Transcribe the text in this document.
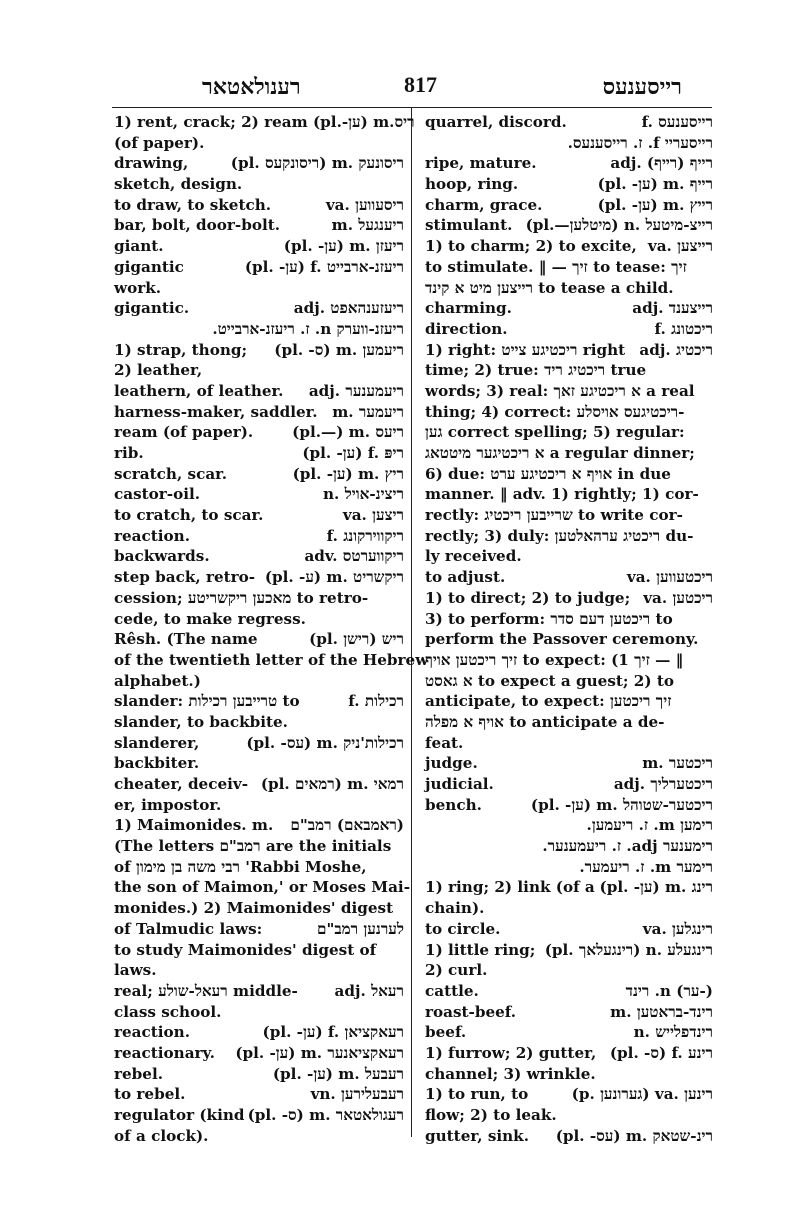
רענולאטאר	817	רייסענעס
1) rent, crack; 2) ream (pl.-ען) m. ריס
(of paper).
drawing,	(pl. ריסונקעס) m. ריסונעק
sketch, design.
to draw, to sketch.	va. ריסעווען
bar, bolt, door-bolt.	m. ריענגעל
giant.	(pl. -ען) m. ריעזן
gigantic	(pl. -ען) f. ריעזנ-ארבייט
work.
gigantic.	adj. ריעזענהאפט
ריעזנ-ווערק n. ז. ריעזנ-ארבייט.
1) strap, thong; (pl. -ס) m. ריעמען
2) leather,
leathern, of leather. adj. ריעמענער
harness-maker, saddler. m. ריעמער
ream (of paper).	(pl.—) m. ריעס
rib.	(pl. -ען) f. ריפּ
scratch, scar.	(pl. -ען) m. ריץ
castor-oil.	n. ריצינ-אויל
to cratch, to scar.	va. ריצען
reaction.	f. ריקווירקונג
backwards.	adv. ריקווערטס
step back, retro- (pl. -ע) m. ריקשריט
cession; מאכען ריקשריטע to retro-
cede, to make regress.
Rêsh. (The name	(pl. רישן) ריש
of the twentieth letter of the Hebrew
alphabet.)
slander: טרייבען רכילות to	f. רכילות
slander, to backbite.
slanderer,	(pl. -עס) m. רכילות'ניק
backbiter.
cheater, deceiv- (pl. רמאים) m. רמאי
er, impostor.
1) Maimonides. m. (ראמבאם) רמב"ם
(The letters רמב"ם are the initials
of רבי משה בן מימון 'Rabbi Moshe,
the son of Maimon,' or Moses Mai-
monides.) 2) Maimonides' digest
of Talmudic laws:	לערנען רמב"ם
to study Maimonides' digest of
laws.
real; רעאל-שולע middle- adj. רעאל
class school.
reaction.	(pl. -ען) f. רעאקציאן
reactionary. (pl. -ען) m. רעאקציאנער
rebel.	(pl. -ען) m. רעבעל
to rebel.	vn. רעבעלירען
regulator (kind (pl. -ס) m. רעגולאטאר
of a clock).
quarrel, discord.	f. רייסענעס
רייסעריי f. ז. רייסענעס.
ripe, mature.	adj. (רײף) רייף
hoop, ring.	(pl. -ען) m. רייף
charm, grace.	(pl. -ען) m. רייץ
stimulant. (pl.—מיטלען) n. רייצ-מיטעל
1) to charm; 2) to excite, va. רייצען
to stimulate. ‖ — זיך to tease: זיך
רייצען מיט א קינד to tease a child.
charming.	adj. רייצענד
direction.	f. ריכטונג
1) right: ריכטיגע צייט right adj. ריכטיג
time; 2) true: ריכטיג ריד true
words; 3) real: א ריכטיגע זאך a real
thing; 4) correct: ריכטיגעס אויסלע-
גען correct spelling; 5) regular:
א ריכטיגער מיטטאג a regular dinner;
6) due: אויף א ריכטיגע ערט in due
manner. ‖ adv. 1) rightly; 1) cor-
rectly: שרייבען ריכטיג to write cor-
rectly; 3) duly: ריכטיג ערהאלטען du-
ly received.
to adjust.	va. ריכטעווען
1) to direct; 2) to judge; va. ריכטען
3) to perform: ריכטען דעם סדר to
perform the Passover ceremony.
זיך ריכטען אויף to expect: (1 זיך — ‖
א גאסט to expect a guest; 2) to
anticipate, to expect: זיך ריכטען
אויף א מפלה to anticipate a de-
feat.
judge.	m. ריכטער
judicial.	adj. ריכטערליך
bench.	(pl. -ען) m. ריכטער-שטוהל
רימען m. ז. ריעמען.
רימענער adj. ז. ריעמענער.
רימער m. ז. ריעמער.
1) ring; 2) link (of a (pl. -ען) m. רינג
chain).
to circle.	va. רינגלען
1) little ring; (pl. רינגעלאך) n. רינגעלע
2) curl.
cattle.	(-ער) n. רינד
roast-beef.	m. רינד-בראטען
beef.	n. רינדפלייש
1) furrow; 2) gutter, (pl. -ס) f. רינע
channel; 3) wrinkle.
1) to run, to	(p. גערונען) va. רינען
flow; 2) to leak.
gutter, sink. (pl. -עס) m. רינ-שטאק
